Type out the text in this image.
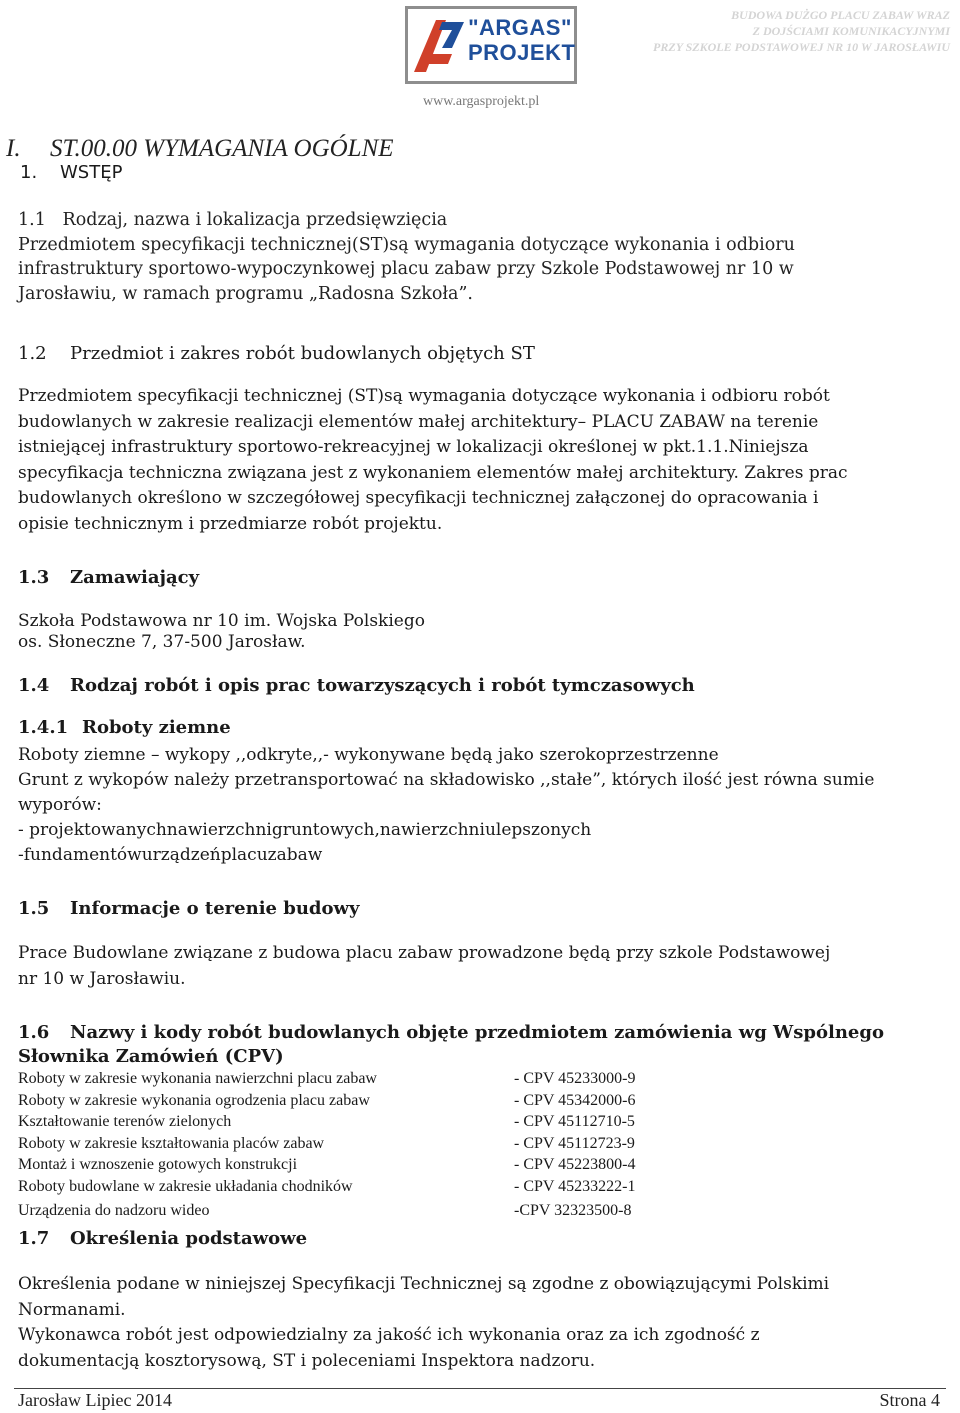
"ARGAS"
PROJEKT
www.argasprojekt.pl
BUDOWA DUŻGO PLACU ZABAW WRAZ
Z DOJŚCIAMI KOMUNIKACYJNYMI
PRZY SZKOLE PODSTAWOWEJ NR 10 W JAROSŁAWIU
I. ST.00.00 WYMAGANIA OGÓLNE
1. WSTĘP
1.1 Rodzaj, nazwa i lokalizacja przedsięwzięcia
Przedmiotem specyfikacji technicznej(ST)są wymagania dotyczące wykonania i odbioru
infrastruktury sportowo-wypoczynkowej placu zabaw przy Szkole Podstawowej nr 10 w
Jarosławiu, w ramach programu „Radosna Szkoła”.
1.2 Przedmiot i zakres robót budowlanych objętych ST
Przedmiotem specyfikacji technicznej (ST)są wymagania dotyczące wykonania i odbioru robót
budowlanych w zakresie realizacji elementów małej architektury– PLACU ZABAW na terenie
istniejącej infrastruktury sportowo-rekreacyjnej w lokalizacji określonej w pkt.1.1.Niniejsza
specyfikacja techniczna związana jest z wykonaniem elementów małej architektury. Zakres prac
budowlanych określono w szczegółowej specyfikacji technicznej załączonej do opracowania i
opisie technicznym i przedmiarze robót projektu.
1.3 Zamawiający
Szkoła Podstawowa nr 10 im. Wojska Polskiego
os. Słoneczne 7, 37-500 Jarosław.
1.4 Rodzaj robót i opis prac towarzyszących i robót tymczasowych
1.4.1 Roboty ziemne
Roboty ziemne – wykopy ,,odkryte,,- wykonywane będą jako szerokoprzestrzenne
Grunt z wykopów należy przetransportować na składowisko ,,stałe”, których ilość jest równa sumie
wyporów:
- projektowanychnawierzchnigruntowych,nawierzchniulepszonych
-fundamentówurządzeńplacuzabaw
1.5 Informacje o terenie budowy
Prace Budowlane związane z budowa placu zabaw prowadzone będą przy szkole Podstawowej
nr 10 w Jarosławiu.
1.6 Nazwy i kody robót budowlanych objęte przedmiotem zamówienia wg Wspólnego
Słownika Zamówień (CPV)
Roboty w zakresie wykonania nawierzchni placu zabaw	- CPV 45233000-9
Roboty w zakresie wykonania ogrodzenia placu zabaw	- CPV 45342000-6
Kształtowanie terenów zielonych	- CPV 45112710-5
Roboty w zakresie kształtowania placów zabaw	- CPV 45112723-9
Montaż i wznoszenie gotowych konstrukcji	- CPV 45223800-4
Roboty budowlane w zakresie układania chodników	- CPV 45233222-1
Urządzenia do nadzoru wideo	-CPV 32323500-8
1.7 Określenia podstawowe
Określenia podane w niniejszej Specyfikacji Technicznej są zgodne z obowiązującymi Polskimi
Normanami.
Wykonawca robót jest odpowiedzialny za jakość ich wykonania oraz za ich zgodność z
dokumentacją kosztorysową, ST i poleceniami Inspektora nadzoru.
Jarosław Lipiec 2014	Strona 4
